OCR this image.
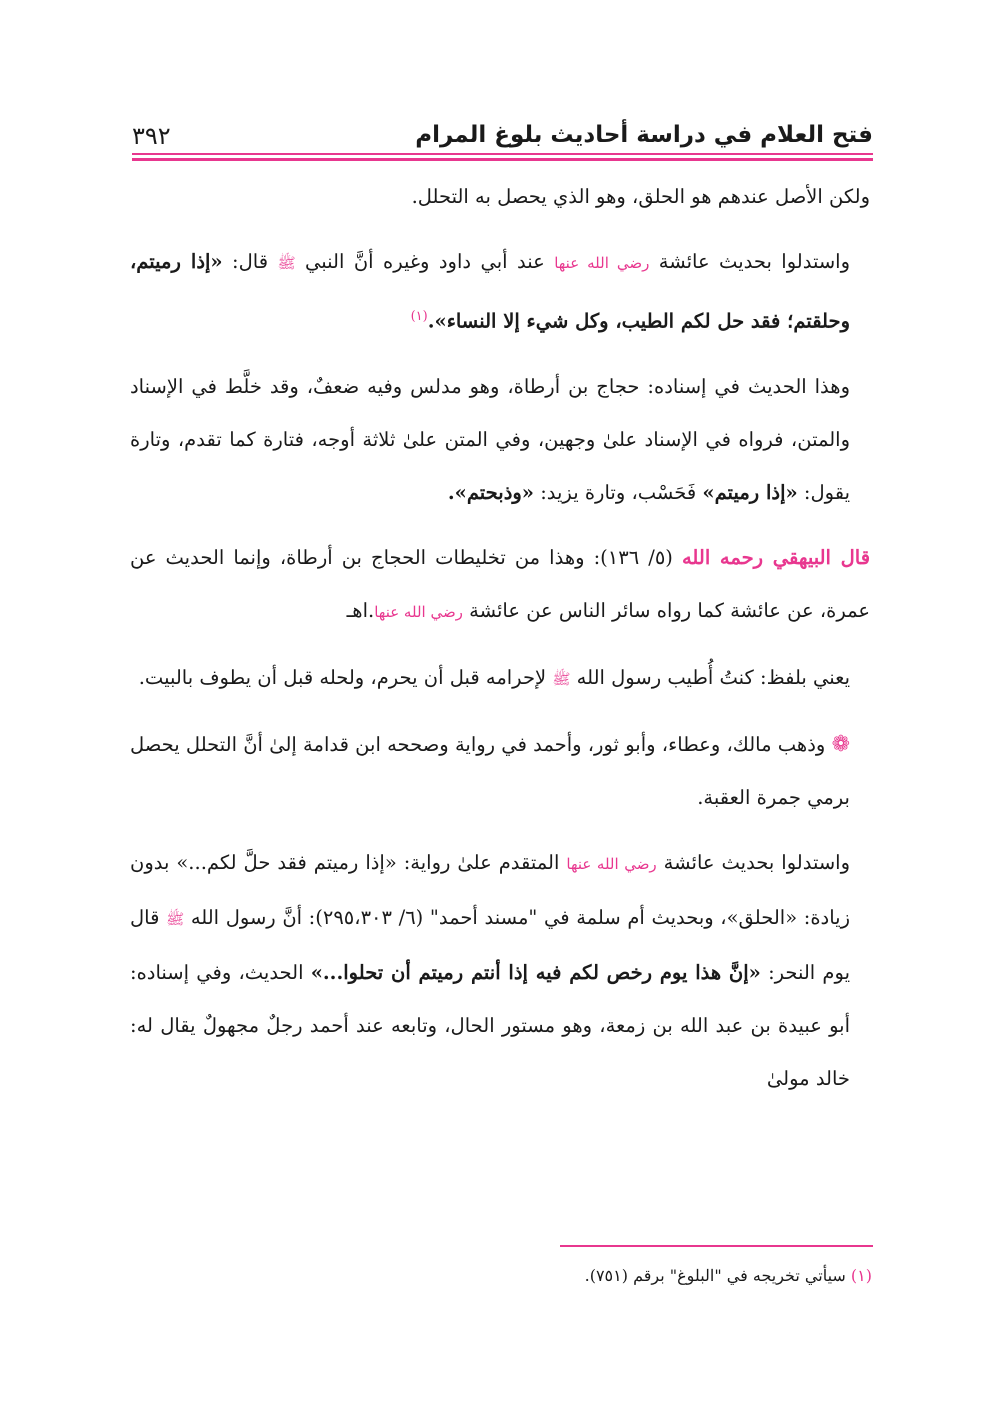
فتح العلام في دراسة أحاديث بلوغ المرام
٣٩٢

ولكن الأصل عندهم هو الحلق، وهو الذي يحصل به التحلل.

واستدلوا بحديث عائشة رضي الله عنها عند أبي داود وغيره أنَّ النبي ﷺ قال: «إذا رميتم، وحلقتم؛ فقد حل لكم الطيب، وكل شيء إلا النساء».$^{(١)}$

وهذا الحديث في إسناده: حجاج بن أرطاة، وهو مدلس وفيه ضعفٌ، وقد خلَّط في الإسناد والمتن، فرواه في الإسناد علىٰ وجهين، وفي المتن علىٰ ثلاثة أوجه، فتارة كما تقدم، وتارة يقول: «إذا رميتم» فَحَسْب، وتارة يزيد: «وذبحتم».

قال البيهقي رحمه الله (٥/ ١٣٦): وهذا من تخليطات الحجاج بن أرطاة، وإنما الحديث عن عمرة، عن عائشة كما رواه سائر الناس عن عائشة رضي الله عنها.اهـ

يعني بلفظ: كنتُ أُطيب رسول الله ﷺ لإحرامه قبل أن يحرم، ولحله قبل أن يطوف بالبيت.

❁ وذهب مالك، وعطاء، وأبو ثور، وأحمد في رواية وصححه ابن قدامة إلىٰ أنَّ التحلل يحصل برمي جمرة العقبة.

واستدلوا بحديث عائشة رضي الله عنها المتقدم علىٰ رواية: «إذا رميتم فقد حلَّ لكم...» بدون زيادة: «الحلق»، وبحديث أم سلمة في "مسند أحمد" (٦/ ٢٩٥،٣٠٣): أنَّ رسول الله ﷺ قال يوم النحر: «إنَّ هذا يوم رخص لكم فيه إذا أنتم رميتم أن تحلوا...» الحديث، وفي إسناده: أبو عبيدة بن عبد الله بن زمعة، وهو مستور الحال، وتابعه عند أحمد رجلٌ مجهولٌ يقال له: خالد مولىٰ

(١) سيأتي تخريجه في "البلوغ" برقم (٧٥١).
